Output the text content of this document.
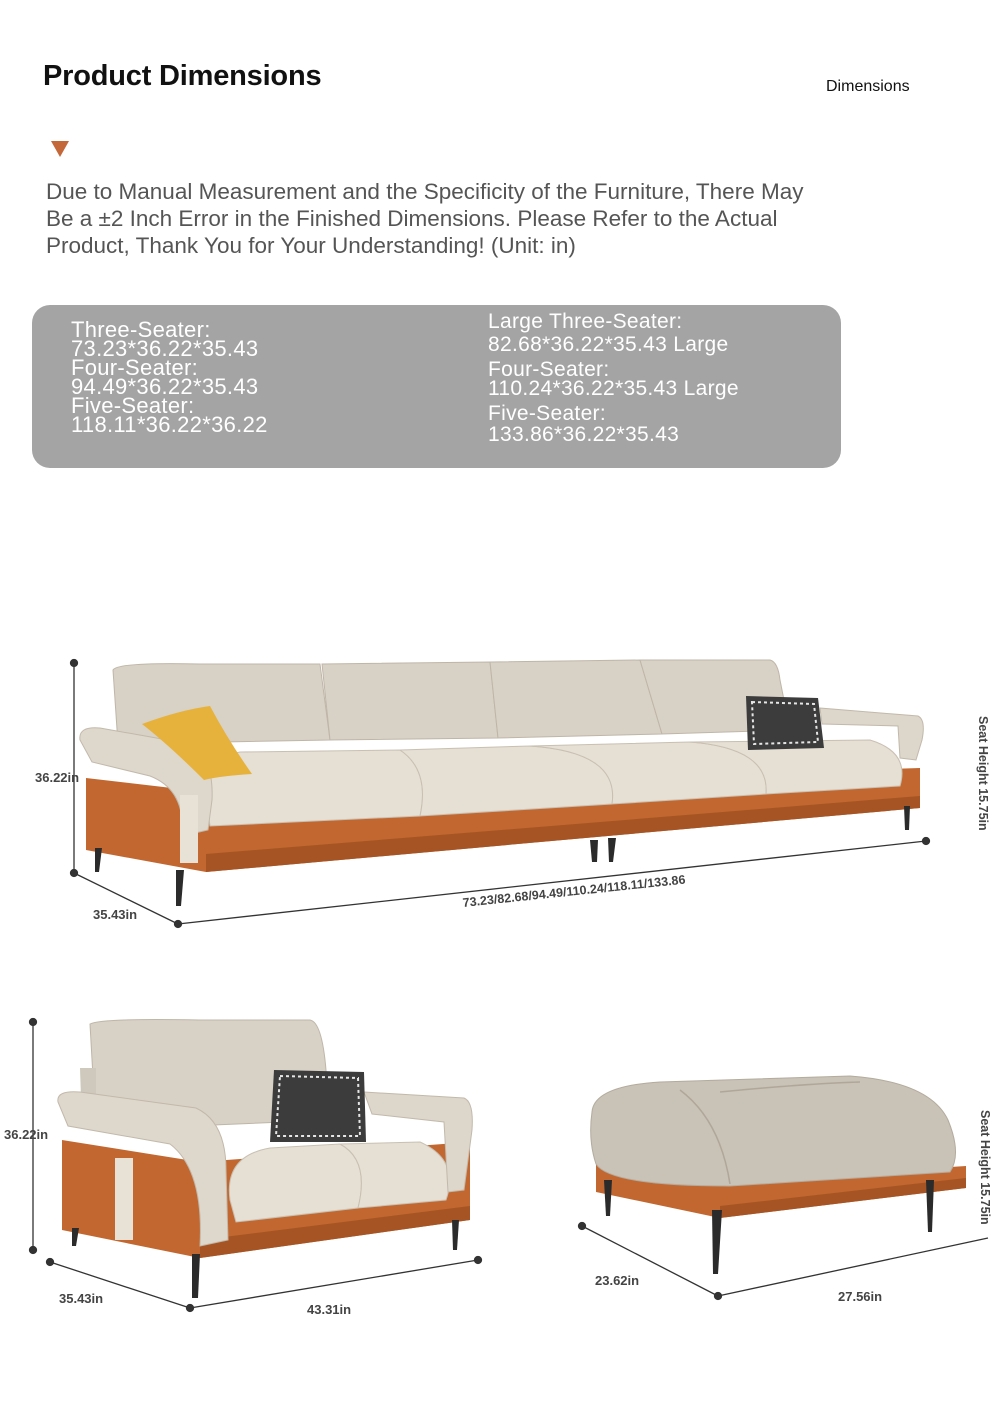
Product Dimensions	Dimensions
Due to Manual Measurement and the Specificity of the Furniture, There May Be a ±2 Inch Error in the Finished Dimensions. Please Refer to the Actual Product, Thank You for Your Understanding! (Unit: in)
Three-Seater:
73.23*36.22*35.43
Four-Seater:
94.49*36.22*35.43
Five-Seater:
118.11*36.22*36.22
Large Three-Seater:
82.68*36.22*35.43 Large
Four-Seater:
110.24*36.22*35.43 Large
Five-Seater:
133.86*36.22*35.43
36.22in
35.43in
73.23/82.68/94.49/110.24/118.11/133.86
Seat Height 15.75in
36.22in
35.43in
43.31in
23.62in
27.56in
Seat Height 15.75in
